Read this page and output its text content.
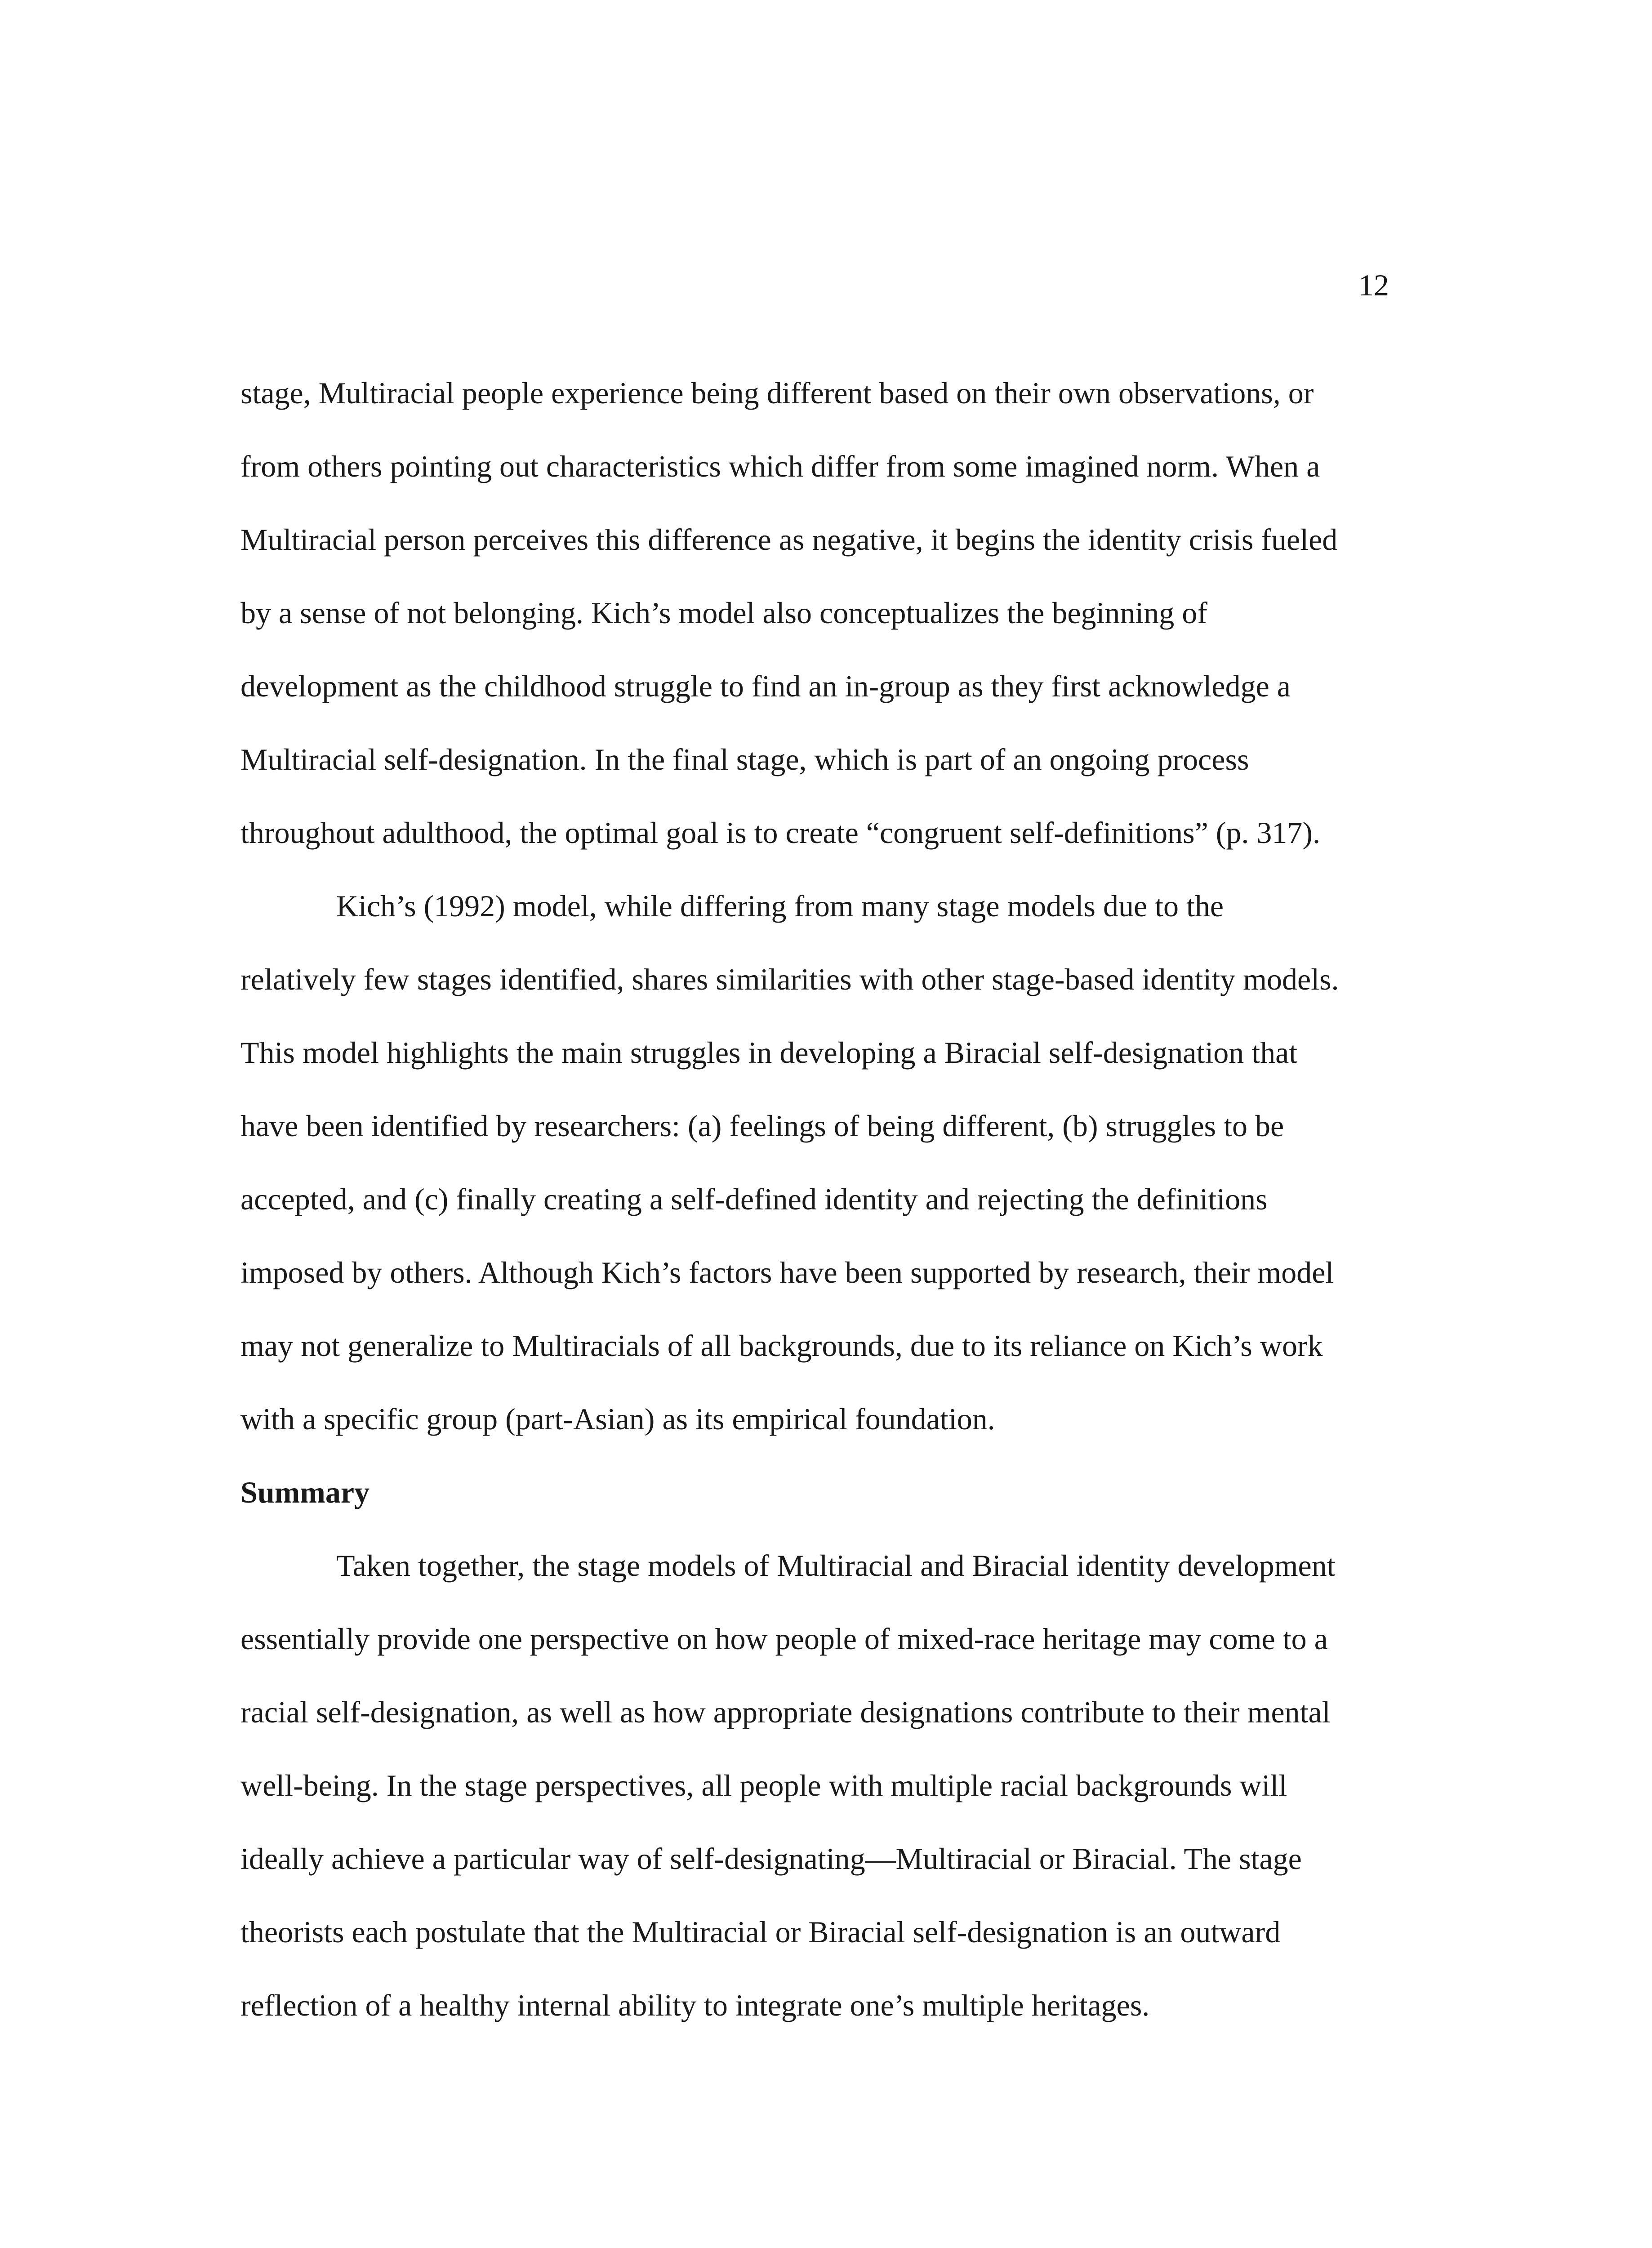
12
stage, Multiracial people experience being different based on their own observations, or
from others pointing out characteristics which differ from some imagined norm. When a
Multiracial person perceives this difference as negative, it begins the identity crisis fueled
by a sense of not belonging. Kich’s model also conceptualizes the beginning of
development as the childhood struggle to find an in-group as they first acknowledge a
Multiracial self-designation. In the final stage, which is part of an ongoing process
throughout adulthood, the optimal goal is to create “congruent self-definitions” (p. 317).
Kich’s (1992) model, while differing from many stage models due to the
relatively few stages identified, shares similarities with other stage-based identity models.
This model highlights the main struggles in developing a Biracial self-designation that
have been identified by researchers: (a) feelings of being different, (b) struggles to be
accepted, and (c) finally creating a self-defined identity and rejecting the definitions
imposed by others. Although Kich’s factors have been supported by research, their model
may not generalize to Multiracials of all backgrounds, due to its reliance on Kich’s work
with a specific group (part-Asian) as its empirical foundation.
Summary
Taken together, the stage models of Multiracial and Biracial identity development
essentially provide one perspective on how people of mixed-race heritage may come to a
racial self-designation, as well as how appropriate designations contribute to their mental
well-being. In the stage perspectives, all people with multiple racial backgrounds will
ideally achieve a particular way of self-designating—Multiracial or Biracial. The stage
theorists each postulate that the Multiracial or Biracial self-designation is an outward
reflection of a healthy internal ability to integrate one’s multiple heritages.
